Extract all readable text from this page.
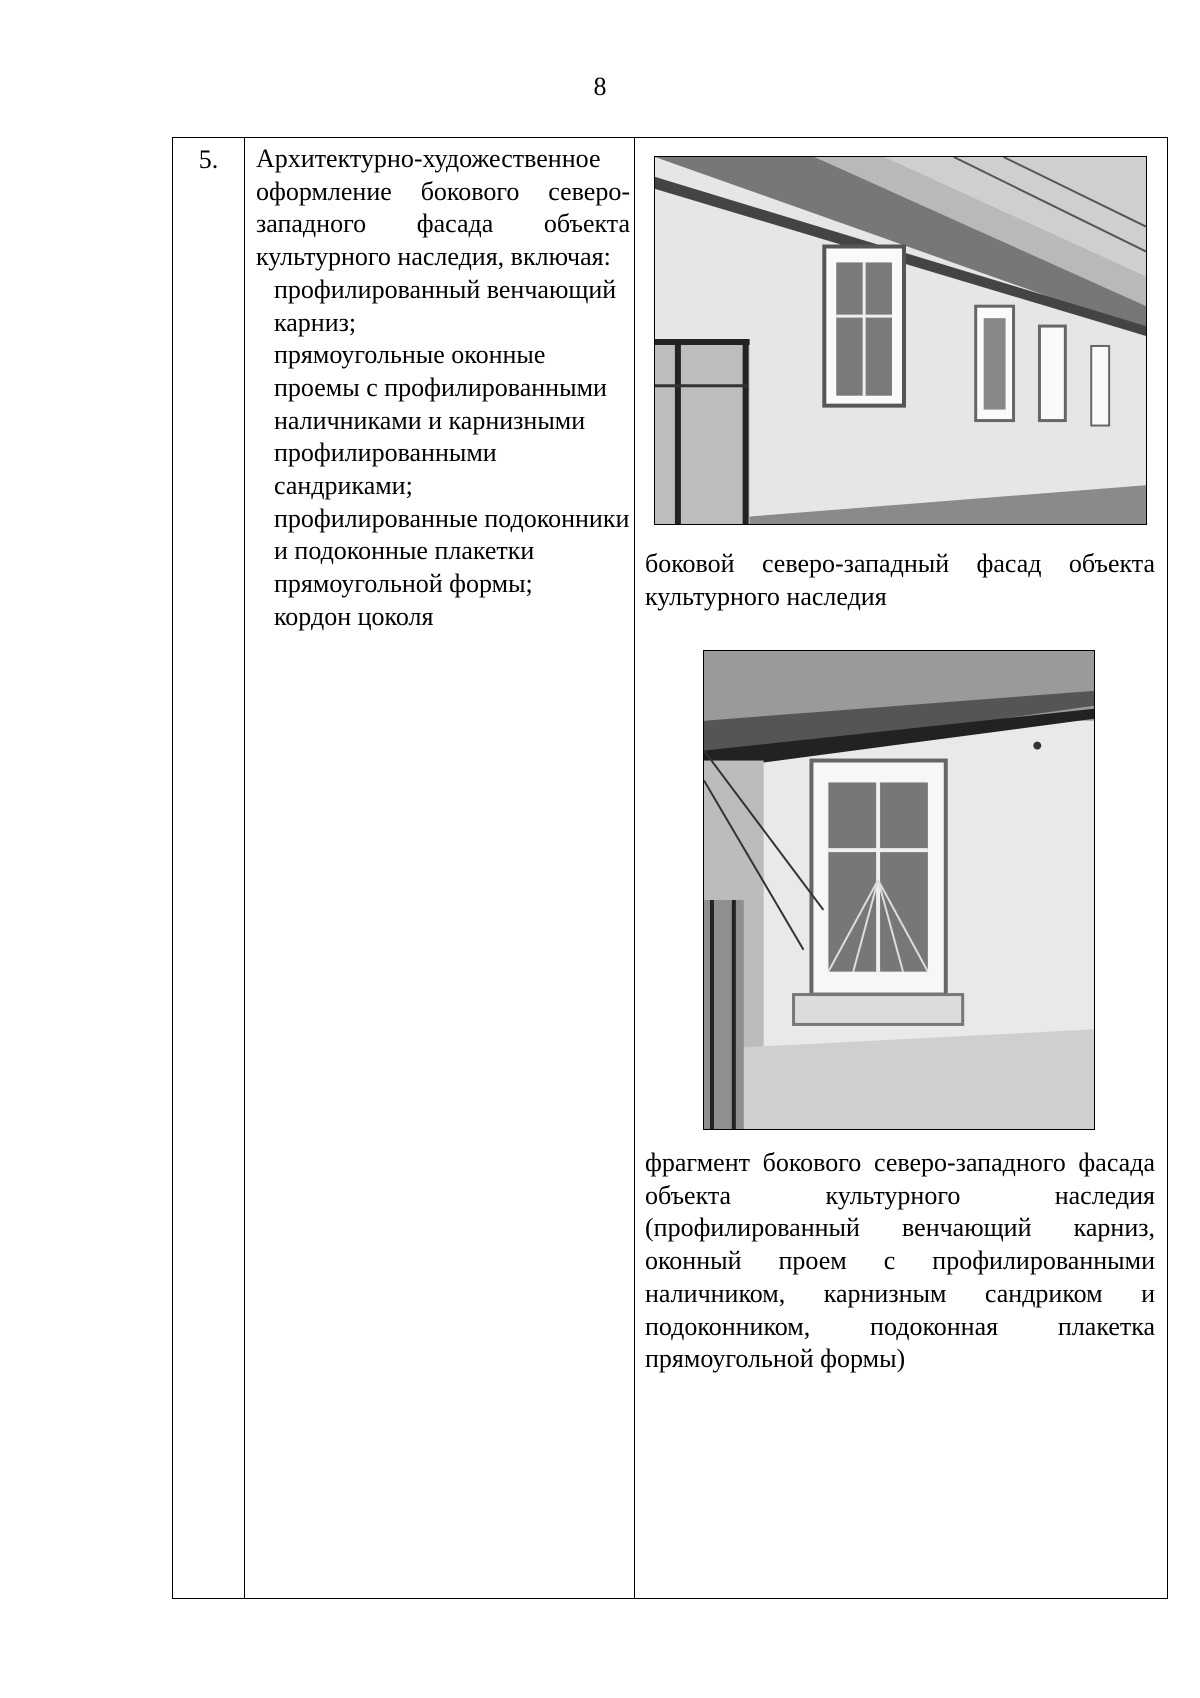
8
5.	Архитектурно-художественное оформление бокового северо-западного фасада объекта культурного наследия, включая:

профилированный венчающий карниз;

прямоугольные оконные проемы с профилированными наличниками и карнизными профилированными сандриками;

профилированные подоконники и подоконные плакетки прямоугольной формы;

кордон цоколя

боковой северо-западный фасад объекта культурного наследия
фрагмент бокового северо-западного фасада объекта культурного наследия (профилированный венчающий карниз, оконный проем с профилированными наличником, карнизным сандриком и подоконником, подоконная плакетка прямоугольной формы)
